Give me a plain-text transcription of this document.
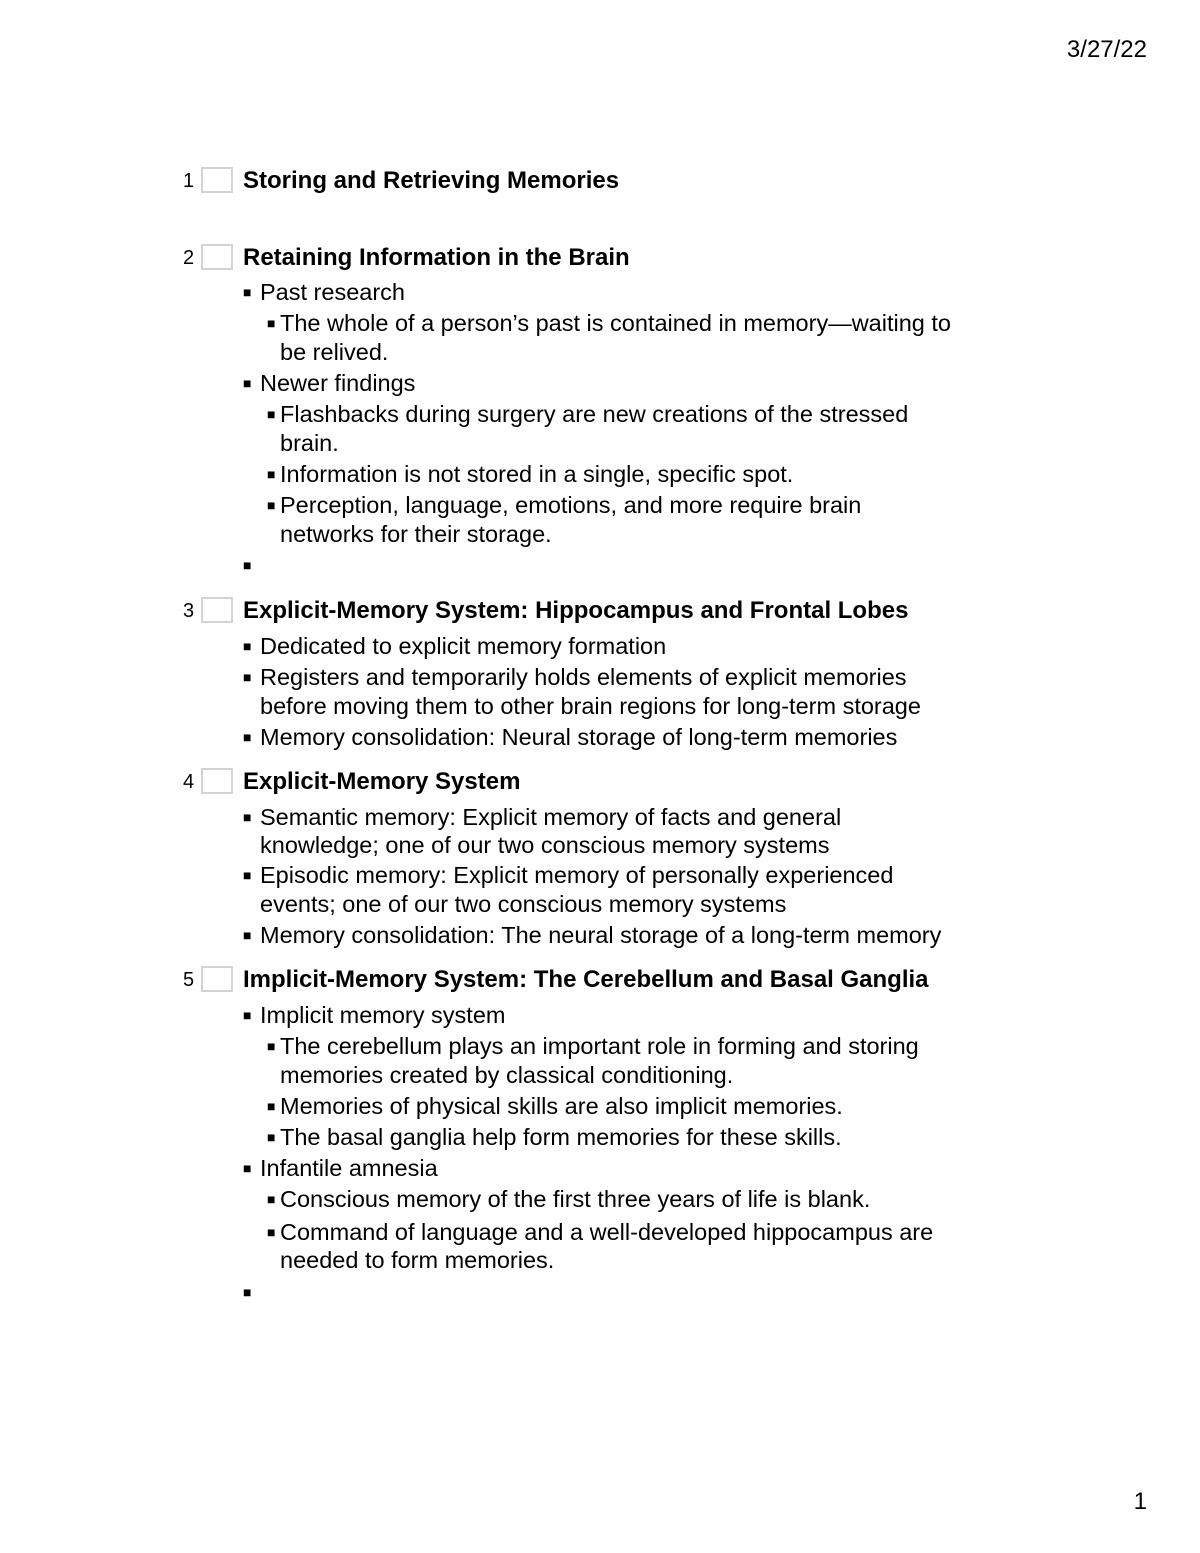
3/27/22
1 Storing and Retrieving Memories
2 Retaining Information in the Brain
■ Past research
■ The whole of a person’s past is contained in memory—waiting to
be relived.
■ Newer findings
■ Flashbacks during surgery are new creations of the stressed
brain.
■ Information is not stored in a single, specific spot.
■ Perception, language, emotions, and more require brain
networks for their storage.
■
3 Explicit-Memory System: Hippocampus and Frontal Lobes
■ Dedicated to explicit memory formation
■ Registers and temporarily holds elements of explicit memories
before moving them to other brain regions for long-term storage
■ Memory consolidation: Neural storage of long-term memories
4 Explicit-Memory System
■ Semantic memory: Explicit memory of facts and general
knowledge; one of our two conscious memory systems
■ Episodic memory: Explicit memory of personally experienced
events; one of our two conscious memory systems
■ Memory consolidation: The neural storage of a long-term memory
5 Implicit-Memory System: The Cerebellum and Basal Ganglia
■ Implicit memory system
■ The cerebellum plays an important role in forming and storing
memories created by classical conditioning.
■ Memories of physical skills are also implicit memories.
■ The basal ganglia help form memories for these skills.
■ Infantile amnesia
■ Conscious memory of the first three years of life is blank.
■ Command of language and a well-developed hippocampus are
needed to form memories.
■
1
